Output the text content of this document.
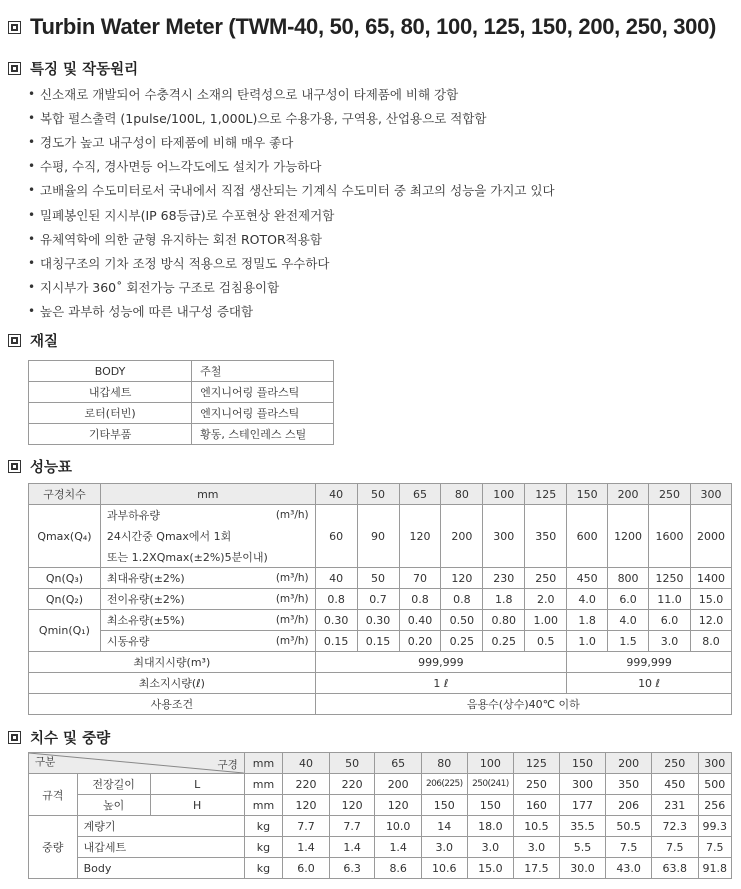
Turbin Water Meter (TWM-40, 50, 65, 80, 100, 125, 150, 200, 250, 300)
특징 및 작동원리
• 신소재로 개발되어 수충격시 소재의 탄력성으로 내구성이 타제품에 비해 강함
• 복합 펄스출력 (1pulse/100L, 1,000L)으로 수용가용, 구역용, 산업용으로 적합함
• 경도가 높고 내구성이 타제품에 비해 매우 좋다
• 수평, 수직, 경사면등 어느각도에도 설치가 가능하다
• 고배율의 수도미터로서 국내에서 직접 생산되는 기계식 수도미터 중 최고의 성능을 가지고 있다
• 밀폐봉인된 지시부(IP 68등급)로 수포현상 완전제거함
• 유체역학에 의한 균형 유지하는 회전 ROTOR적용함
• 대칭구조의 기차 조정 방식 적용으로 정밀도 우수하다
• 지시부가 360˚ 회전가능 구조로 검침용이함
• 높은 과부하 성능에 따른 내구성 증대함
재질
BODY	주철
내갑세트	엔지니어링 플라스틱
로터(터빈)	엔지니어링 플라스틱
기타부품	황동, 스테인레스 스틸
성능표
구경치수	mm		40	50	65	80	100	125	150	200	250	300
Qmax(Q₄)	과부하유량	(m³/h)	60	90	120	200	300	350	600	1200	1600	2000
	24시간중 Qmax에서 1회											
	또는 1.2XQmax(±2%)5분이내)											
Qn(Q₃)	최대유량(±2%)	(m³/h)	40	50	70	120	230	250	450	800	1250	1400
Qn(Q₂)	전이유량(±2%)	(m³/h)	0.8	0.7	0.8	0.8	1.8	2.0	4.0	6.0	11.0	15.0
Qmin(Q₁)	최소유량(±5%)	(m³/h)	0.30	0.30	0.40	0.50	0.80	1.00	1.8	4.0	6.0	12.0
	시동유량	(m³/h)	0.15	0.15	0.20	0.25	0.25	0.5	1.0	1.5	3.0	8.0
최대지시량(m³)			999,999						999,999			
최소지시량(ℓ)			1 ℓ						10 ℓ			
사용조건			음용수(상수)40℃ 이하									
치수 및 중량
구분 구경			mm	40	50	65	80	100	125	150	200	250	300
규격	전장길이	L	mm	220	220	200	206(225)	250(241)	250	300	350	450	500
	높이	H	mm	120	120	120	150	150	160	177	206	231	256
중량	계량기		kg	7.7	7.7	10.0	14	18.0	10.5	35.5	50.5	72.3	99.3
	내갑세트		kg	1.4	1.4	1.4	3.0	3.0	3.0	5.5	7.5	7.5	7.5
	Body		kg	6.0	6.3	8.6	10.6	15.0	17.5	30.0	43.0	63.8	91.8
